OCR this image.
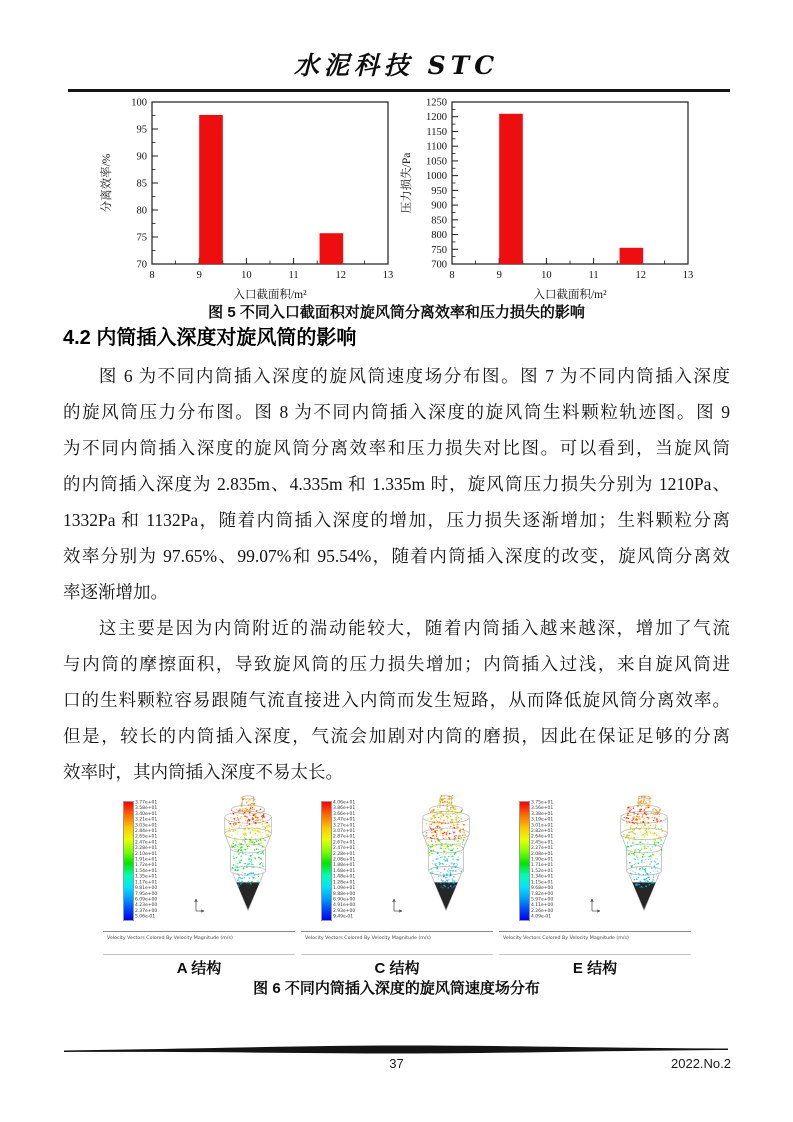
水泥科技 STC
8	9	10	11	12	13
70
75
80
85
90
95
100
入口截面积/m²
分离效率/%
8	9	10	11	12	13
700
750
800
850
900
950
1000
1050
1100
1150
1200
1250
入口截面积/m²
压力损失/Pa
图 5 不同入口截面积对旋风筒分离效率和压力损失的影响
4.2 内筒插入深度对旋风筒的影响
图 6 为不同内筒插入深度的旋风筒速度场分布图。图 7 为不同内筒插入深度
的旋风筒压力分布图。图 8 为不同内筒插入深度的旋风筒生料颗粒轨迹图。图 9
为不同内筒插入深度的旋风筒分离效率和压力损失对比图。可以看到，当旋风筒
的内筒插入深度为 2.835m、4.335m 和 1.335m 时，旋风筒压力损失分别为 1210Pa、
1332Pa 和 1132Pa，随着内筒插入深度的增加，压力损失逐渐增加；生料颗粒分离
效率分别为 97.65%、99.07%和 95.54%，随着内筒插入深度的改变，旋风筒分离效
率逐渐增加。
这主要是因为内筒附近的湍动能较大，随着内筒插入越来越深，增加了气流
与内筒的摩擦面积，导致旋风筒的压力损失增加；内筒插入过浅，来自旋风筒进
口的生料颗粒容易跟随气流直接进入内筒而发生短路，从而降低旋风筒分离效率。
但是，较长的内筒插入深度，气流会加剧对内筒的磨损，因此在保证足够的分离
效率时，其内筒插入深度不易太长。
3.77e+01
3.58e+01
3.40e+01
3.21e+01
3.03e+01
2.84e+01
2.65e+01
2.47e+01
2.28e+01
2.10e+01
1.91e+01
1.72e+01
1.54e+01
1.35e+01
1.17e+01
9.81e+00
7.95e+00
6.09e+00
4.23e+00
2.37e+00
5.06e-01
Velocity Vectors Colored By Velocity Magnitude (m/s)
4.06e+01
3.86e+01
3.66e+01
3.47e+01
3.27e+01
3.07e+01
2.87e+01
2.67e+01
2.47e+01
2.28e+01
2.08e+01
1.88e+01
1.68e+01
1.48e+01
1.28e+01
1.09e+01
8.88e+00
6.90e+00
4.91e+00
2.93e+00
9.49e-01
Velocity Vectors Colored By Velocity Magnitude (m/s)
3.75e+01
3.56e+01
3.38e+01
3.19e+01
3.01e+01
2.82e+01
2.64e+01
2.45e+01
2.27e+01
2.08e+01
1.90e+01
1.71e+01
1.52e+01
1.34e+01
1.15e+01
9.68e+00
7.82e+00
5.97e+00
4.11e+00
2.26e+00
4.09e-01
Velocity Vectors Colored By Velocity Magnitude (m/s)
A 结构	C 结构	E 结构
图 6 不同内筒插入深度的旋风筒速度场分布
37	2022.No.2
